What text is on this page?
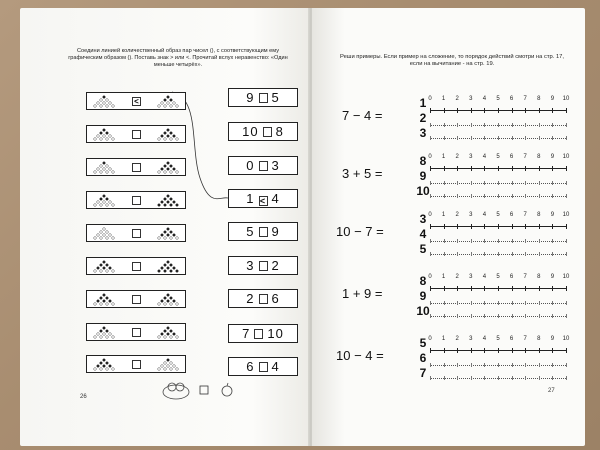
Соедини линией количественный образ пар чисел (), с соответствующим ему графическим образом (). Поставь знак > или <. Прочитай вслух неравенство: «Один меньше четырёх».
<	9 5
10 8
0 3
1 < 4
5 9
3 2
2 6
7 10
6 4
26
Реши примеры. Если пример на сложение, то порядок действий смотри на стр. 17, если на вычитание - на стр. 19.
7 − 4 =
1
2
3
0 1 2 3 4 5 6 7 8 9 10
3 + 5 =
8
9
10
0 1 2 3 4 5 6 7 8 9 10
10 − 7 =
3
4
5
0 1 2 3 4 5 6 7 8 9 10
1 + 9 =
8
9
10
0 1 2 3 4 5 6 7 8 9 10
10 − 4 =
5
6
7
0 1 2 3 4 5 6 7 8 9 10
27
